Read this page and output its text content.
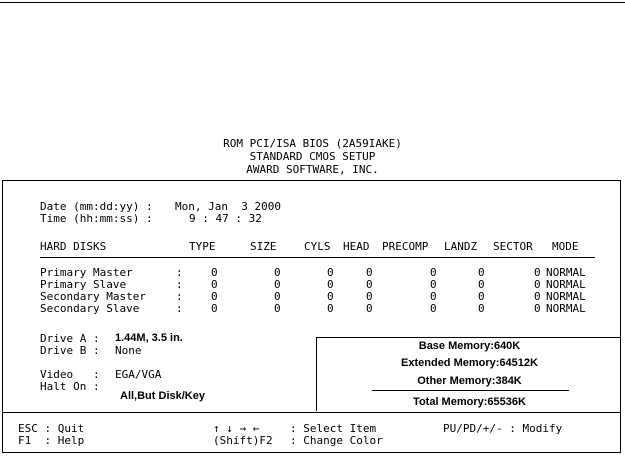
ROM PCI/ISA BIOS (2A59IAKE)
STANDARD CMOS SETUP
AWARD SOFTWARE, INC.
Date (mm:dd:yy) : Mon, Jan  3 2000
Time (hh:mm:ss) :	9 : 47 : 32
HARD DISKS	TYPE	SIZE	CYLS HEAD PRECOMP LANDZ SECTOR MODE
Primary Master	:	0	0	0	0	0	0	0 NORMAL
Primary Slave	:	0	0	0	0	0	0	0 NORMAL
Secondary Master	:	0	0	0	0	0	0	0 NORMAL
Secondary Slave	:	0	0	0	0	0	0	0 NORMAL
Drive A : 1.44M, 3.5 in.
Drive B : None
Video   : EGA/VGA
Halt On :
All,But Disk/Key
Base Memory:640K
Extended Memory:64512K
Other Memory:384K
Total Memory:65536K
ESC : Quit
F1  : Help
↑ ↓ → ←	: Select Item
(Shift)F2 : Change Color
PU/PD/+/- : Modify
